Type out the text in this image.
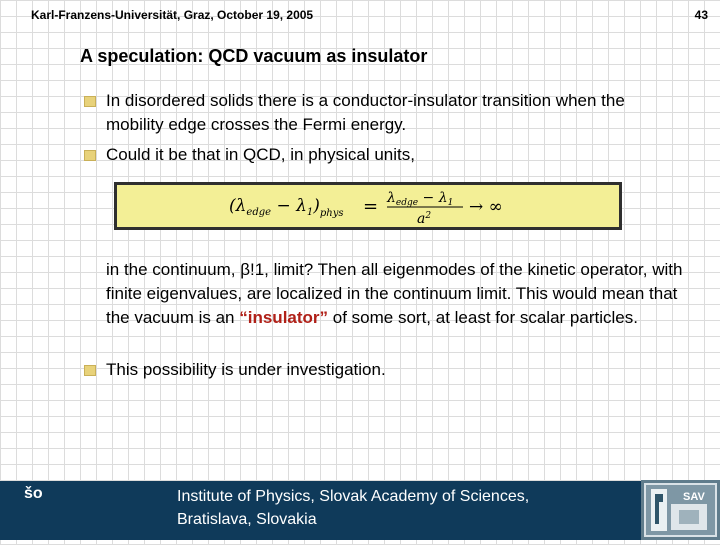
Karl-Franzens-Universität, Graz, October 19, 2005	43
A speculation: QCD vacuum as insulator
In disordered solids there is a conductor-insulator transition when the mobility edge crosses the Fermi energy.
Could it be that in QCD, in physical units,
$(\lambda_{edge} - \lambda_1)_{phys} = \lambda_{edge} - \lambda_1$
$a^2$ → ∞
in the continuum, β!1, limit? Then all eigenmodes of the kinetic operator, with finite eigenvalues, are localized in the continuum limit. This would mean that the vacuum is an “insulator” of some sort, at least for scalar particles.
This possibility is under investigation.
šo	Institute of Physics, Slovak Academy of Sciences,
Bratislava, Slovakia
SAV
